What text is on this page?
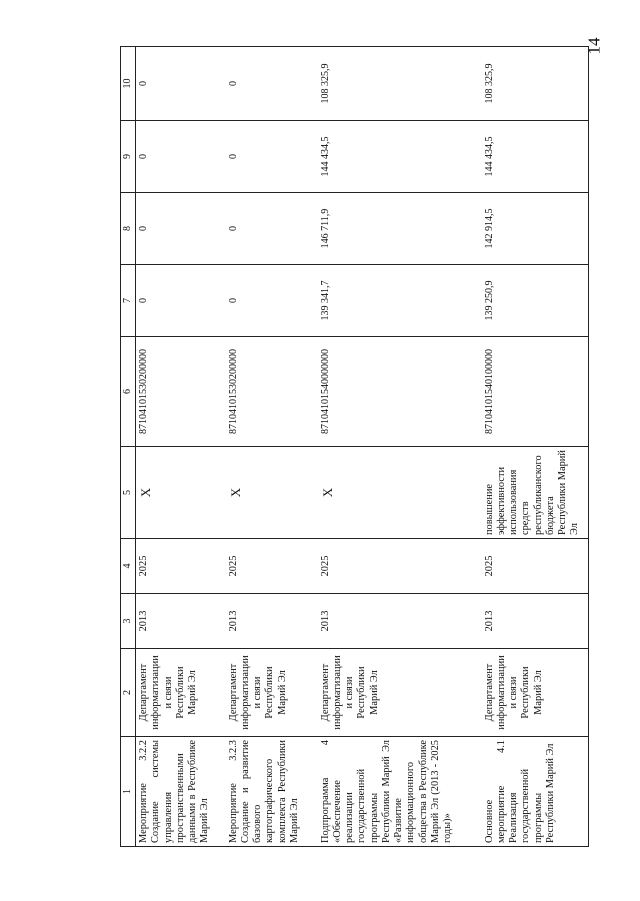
14
1	2	3	4	5	6	7	8	9	10
Мероприятие 3.2.2 Создание системы управления пространственными данными в Республике Марий Эл	Департамент информатизации и связи Республики Марий Эл	2013	2025	X	87104101530200000	0	0	0	0
Мероприятие 3.2.3 Создание и развитие базового картографического комплекта Республики Марий Эл	Департамент информатизации и связи Республики Марий Эл	2013	2025	X	87104101530200000	0	0	0	0
Подпрограмма 4 «Обеспечение реализации государственной программы Республики Марий Эл «Развитие информационного общества в Республике Марий Эл (2013 - 2025 годы)»	Департамент информатизации и связи Республики Марий Эл	2013	2025	X	87104101540000000	139 341,7	146 711,9	144 434,5	108 325,9
Основное мероприятие 4.1 Реализация государственной программы Республики Марий Эл	Департамент информатизации и связи Республики Марий Эл	2013	2025	повышение эффективности использования средств республиканского бюджета Республики Марий Эл	87104101540100000	139 250,9	142 914,5	144 434,5	108 325,9
